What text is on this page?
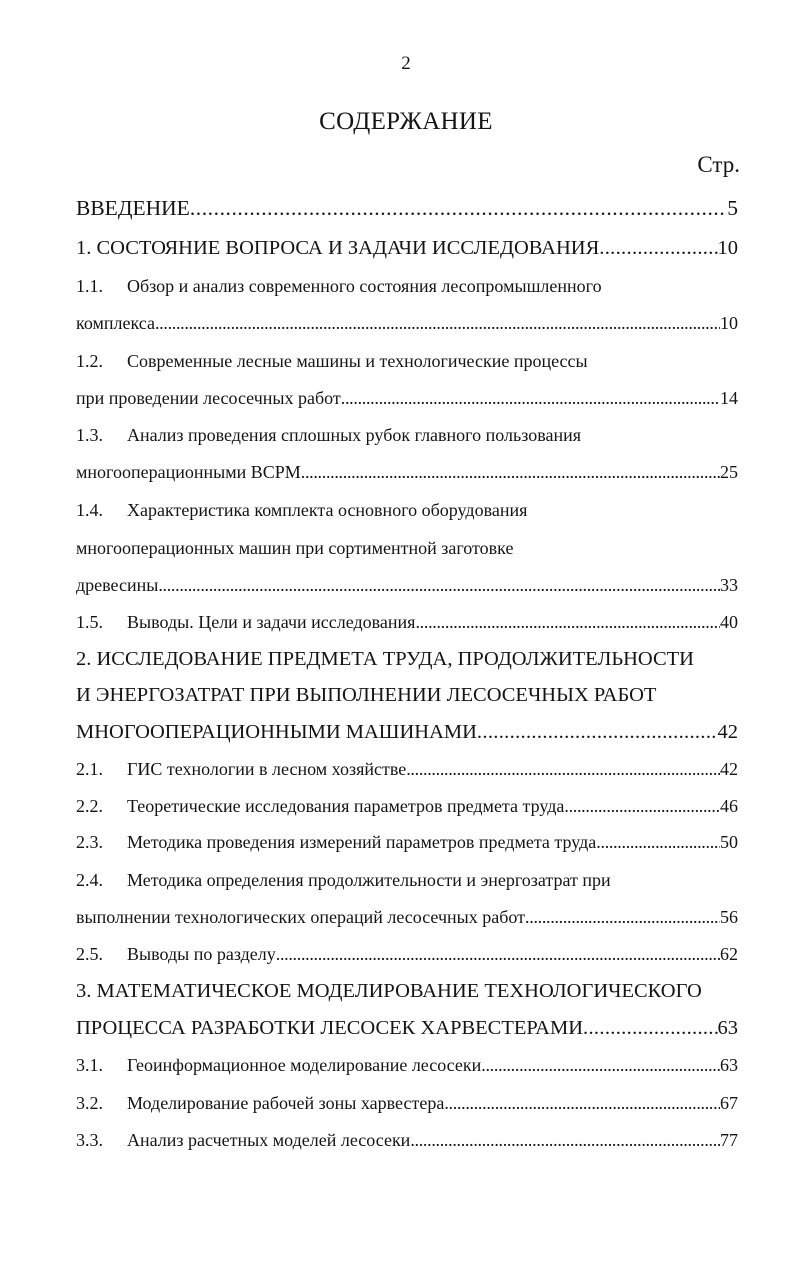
2
СОДЕРЖАНИЕ
Стр.
ВВЕДЕНИЕ . . .	5
1. СОСТОЯНИЕ ВОПРОСА И ЗАДАЧИ ИССЛЕДОВАНИЯ . . .	10
1.1.	Обзор и анализ современного состояния лесопромышленного
комплекса . . .	10
1.2.	Современные лесные машины и технологические процессы
при проведении лесосечных работ . . .	14
1.3.	Анализ проведения сплошных рубок главного пользования
многооперационными ВСРМ . . .	25
1.4.	Характеристика комплекта основного оборудования
многооперационных машин при сортиментной заготовке
древесины . . .	33
1.5.	Выводы. Цели и задачи исследования . . .	40
2. ИССЛЕДОВАНИЕ ПРЕДМЕТА ТРУДА, ПРОДОЛЖИТЕЛЬНОСТИ
И ЭНЕРГОЗАТРАТ ПРИ ВЫПОЛНЕНИИ ЛЕСОСЕЧНЫХ РАБОТ
МНОГООПЕРАЦИОННЫМИ МАШИНАМИ . . .	42
2.1.	ГИС технологии в лесном хозяйстве . . .	42
2.2.	Теоретические исследования параметров предмета труда . . .	46
2.3.	Методика проведения измерений параметров предмета труда . . .	50
2.4.	Методика определения продолжительности и энергозатрат при
выполнении технологических операций лесосечных работ . . .	56
2.5.	Выводы по разделу . . .	62
3. МАТЕМАТИЧЕСКОЕ МОДЕЛИРОВАНИЕ ТЕХНОЛОГИЧЕСКОГО
ПРОЦЕССА РАЗРАБОТКИ ЛЕСОСЕК ХАРВЕСТЕРАМИ . . .	63
3.1.	Геоинформационное моделирование лесосеки . . .	63
3.2.	Моделирование рабочей зоны харвестера . . .	67
3.3.	Анализ расчетных моделей лесосеки . . .	77
